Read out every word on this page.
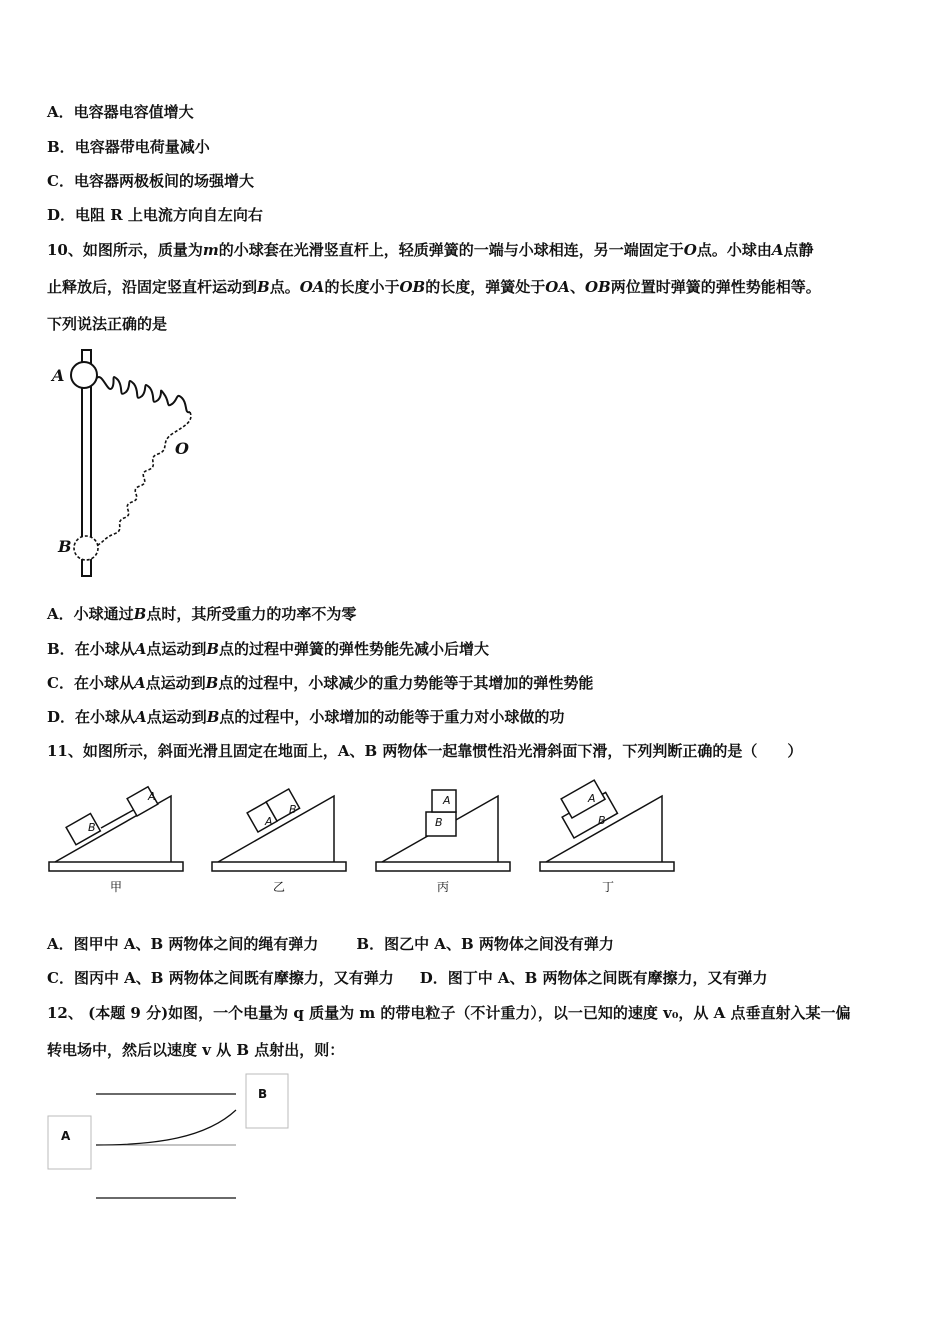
A．电容器电容值增大
B．电容器带电荷量减小
C．电容器两极板间的场强增大
D．电阻 R 上电流方向自左向右
10、如图所示，质量为m的小球套在光滑竖直杆上，轻质弹簧的一端与小球相连，另一端固定于O点。小球由A点静
止释放后，沿固定竖直杆运动到B点。OA的长度小于OB的长度，弹簧处于OA、OB两位置时弹簧的弹性势能相等。
下列说法正确的是
A
B
O
A．小球通过B点时，其所受重力的功率不为零
B．在小球从A点运动到B点的过程中弹簧的弹性势能先减小后增大
C．在小球从A点运动到B点的过程中，小球减少的重力势能等于其增加的弹性势能
D．在小球从A点运动到B点的过程中，小球增加的动能等于重力对小球做的功
11、如图所示，斜面光滑且固定在地面上，A、B 两物体一起靠惯性沿光滑斜面下滑，下列判断正确的是（　　）
B
A
甲
A
B
乙
A
B
丙
A
B
丁
A．图甲中 A、B 两物体之间的绳有弹力	B．图乙中 A、B 两物体之间没有弹力
C．图丙中 A、B 两物体之间既有摩擦力，又有弹力 D．图丁中 A、B 两物体之间既有摩擦力，又有弹力
12、 (本题 9 分)如图，一个电量为 q 质量为 m 的带电粒子（不计重力），以一已知的速度 v₀，从 A 点垂直射入某一偏
转电场中，然后以速度 v 从 B 点射出，则：
A
B
